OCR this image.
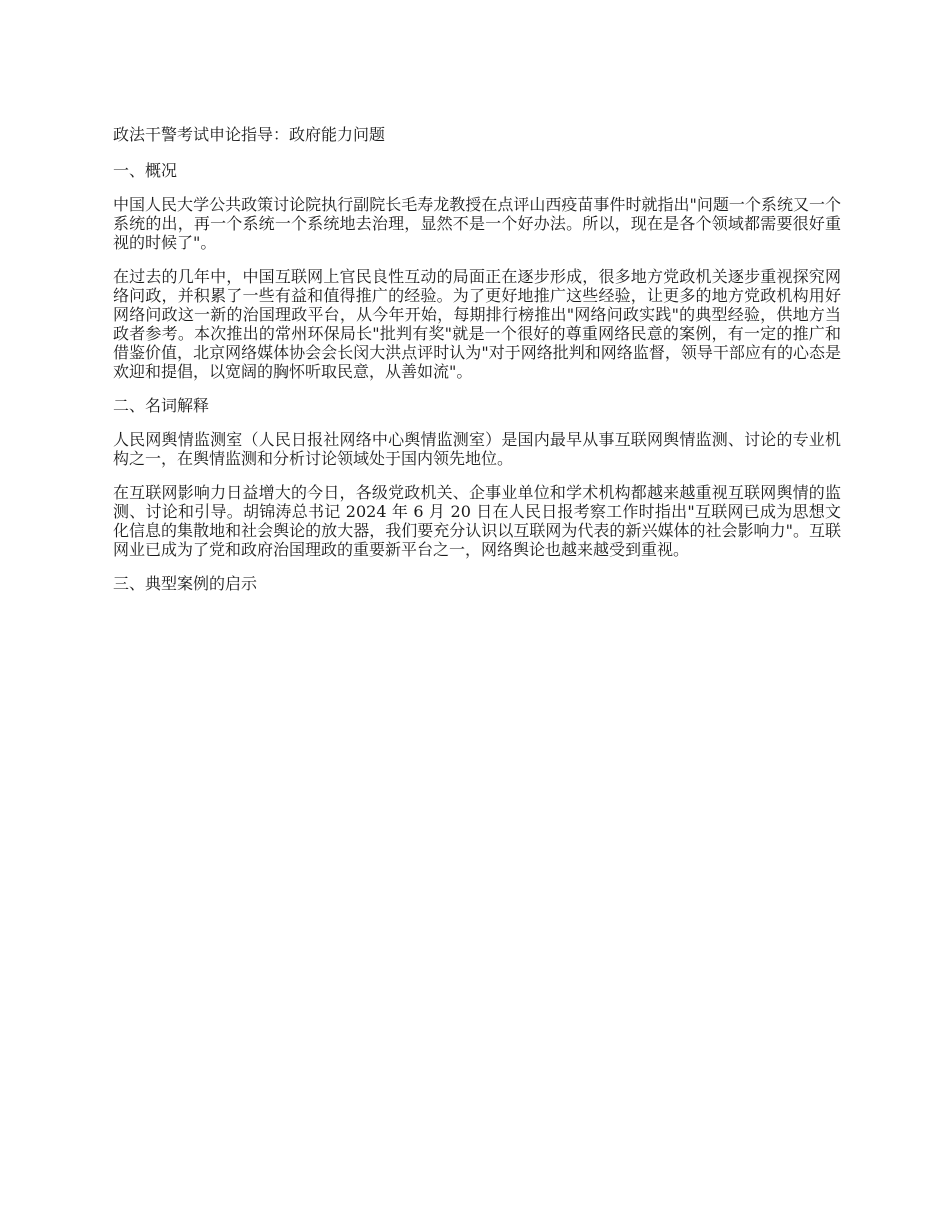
政法干警考试申论指导：政府能力问题

一、概况

中国人民大学公共政策讨论院执行副院长毛寿龙教授在点评山西疫苗事件时就指出"问题一个系统又一个系统的出，再一个系统一个系统地去治理，显然不是一个好办法。所以，现在是各个领域都需要很好重视的时候了"。

在过去的几年中，中国互联网上官民良性互动的局面正在逐步形成，很多地方党政机关逐步重视探究网络问政，并积累了一些有益和值得推广的经验。为了更好地推广这些经验，让更多的地方党政机构用好网络问政这一新的治国理政平台，从今年开始，每期排行榜推出"网络问政实践"的典型经验，供地方当政者参考。本次推出的常州环保局长"批判有奖"就是一个很好的尊重网络民意的案例，有一定的推广和借鉴价值，北京网络媒体协会会长闵大洪点评时认为"对于网络批判和网络监督，领导干部应有的心态是欢迎和提倡，以宽阔的胸怀听取民意，从善如流"。

二、名词解释

人民网舆情监测室（人民日报社网络中心舆情监测室）是国内最早从事互联网舆情监测、讨论的专业机构之一，在舆情监测和分析讨论领域处于国内领先地位。

在互联网影响力日益增大的今日，各级党政机关、企事业单位和学术机构都越来越重视互联网舆情的监测、讨论和引导。胡锦涛总书记 2024 年 6 月 20 日在人民日报考察工作时指出"互联网已成为思想文化信息的集散地和社会舆论的放大器，我们要充分认识以互联网为代表的新兴媒体的社会影响力"。互联网业已成为了党和政府治国理政的重要新平台之一，网络舆论也越来越受到重视。

三、典型案例的启示
